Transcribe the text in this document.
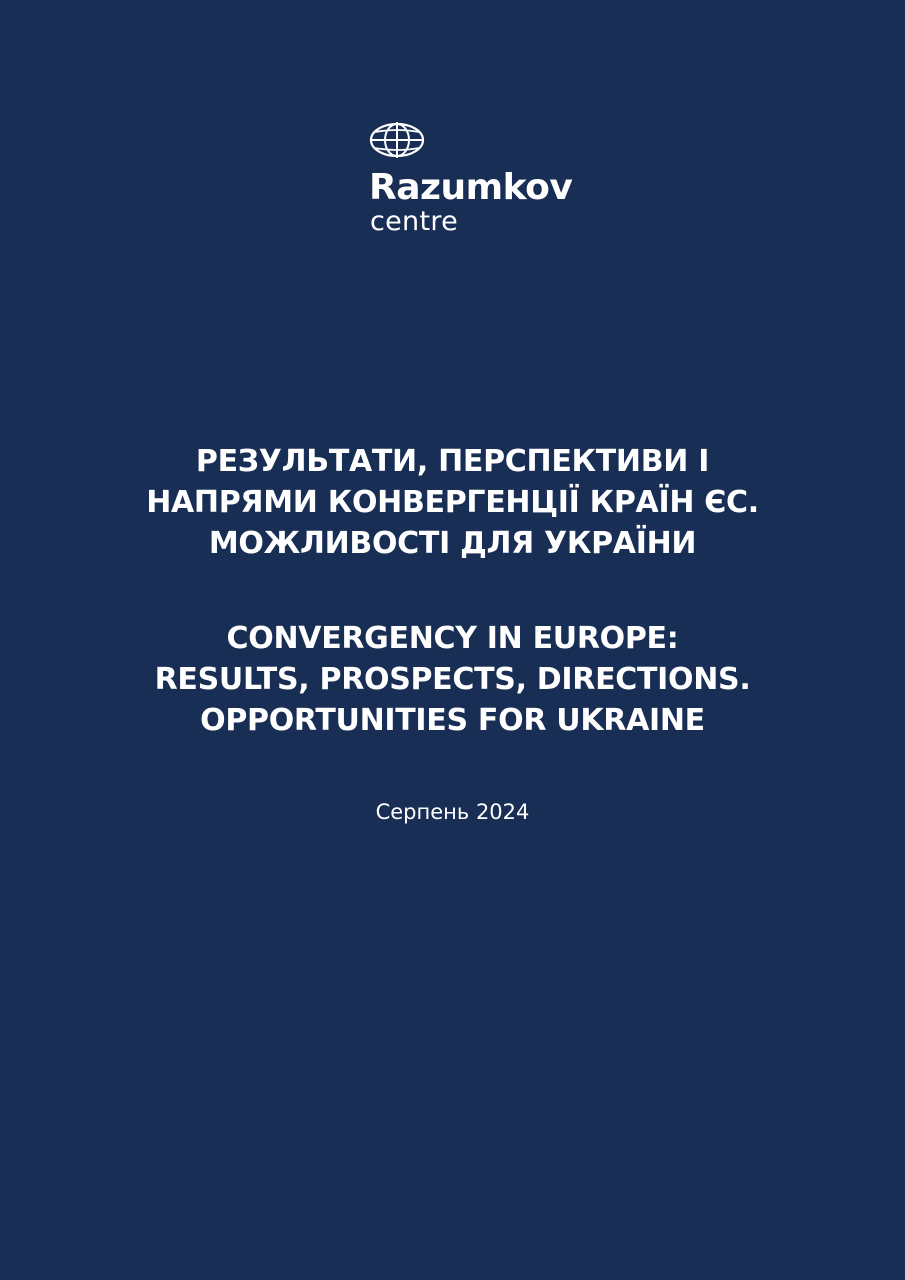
Razumkov
centre
РЕЗУЛЬТАТИ, ПЕРСПЕКТИВИ І
НАПРЯМИ КОНВЕРГЕНЦІЇ КРАЇН ЄС.
МОЖЛИВОСТІ ДЛЯ УКРАЇНИ
CONVERGENCY IN EUROPE:
RESULTS, PROSPECTS, DIRECTIONS.
OPPORTUNITIES FOR UKRAINE
Серпень 2024
